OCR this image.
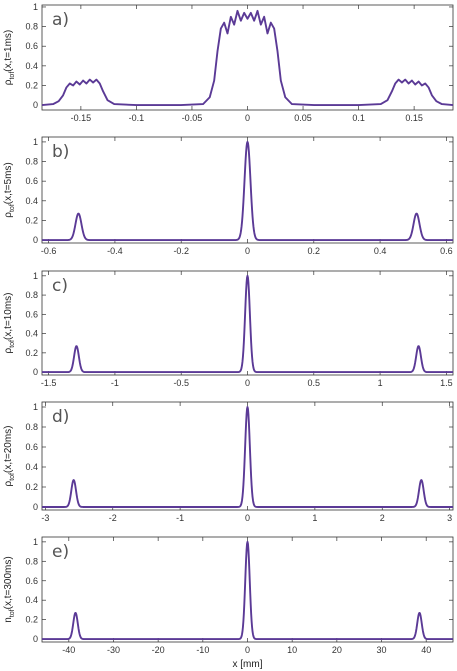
-0.15	-0.1	-0.05	0	0.05	0.1	0.15
0
0.2
0.4
0.6
0.8
1
$\rho_{tof}(x,t=1ms)$
a)
-0.6	-0.4	-0.2	0	0.2	0.4	0.6
0
0.2
0.4
0.6
0.8
1
$\rho_{tof}(x,t=5ms)$
b)
-1.5	-1	-0.5	0	0.5	1	1.5
0
0.2
0.4
0.6
0.8
1
$\rho_{tof}(x,t=10ms)$
c)
-3	-2	-1	0	1	2	3
0
0.2
0.4
0.6
0.8
1
$\rho_{tof}(x,t=20ms)$
d)
-40	-30	-20	-10	0	10	20	30	40
0
0.2
0.4
0.6
0.8
1
$n_{tof}(x,t=300ms)$
e)
x [mm]
